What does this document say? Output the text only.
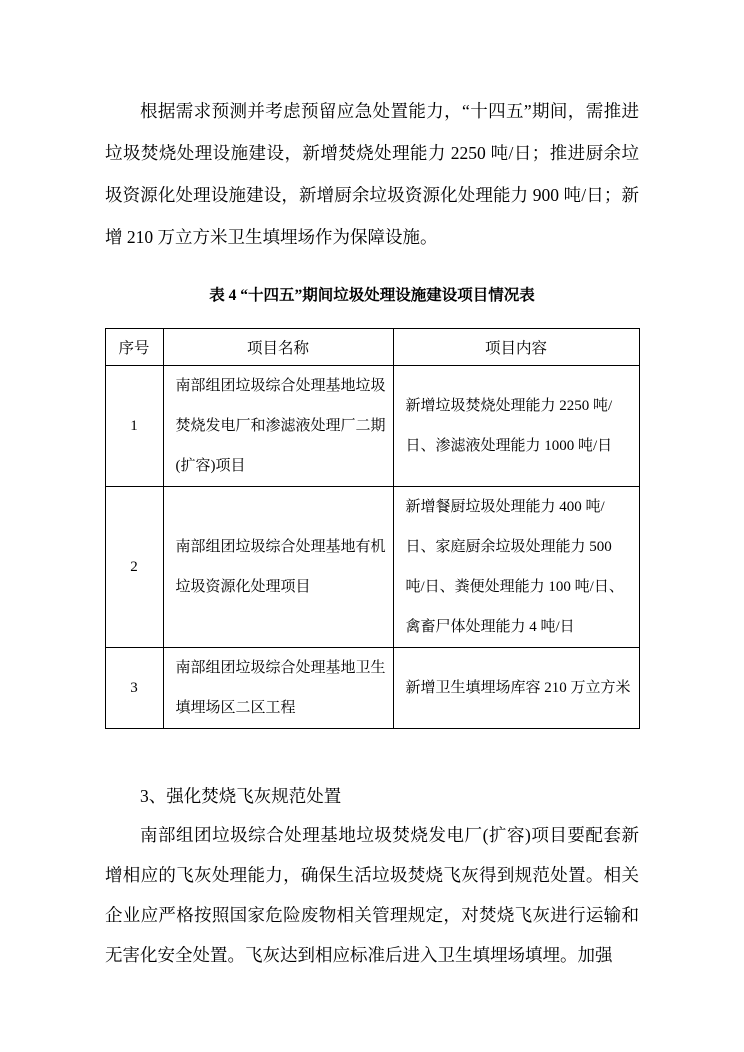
根据需求预测并考虑预留应急处置能力，“十四五”期间，需推进垃圾焚烧处理设施建设，新增焚烧处理能力 2250 吨/日；推进厨余垃圾资源化处理设施建设，新增厨余垃圾资源化处理能力 900 吨/日；新增 210 万立方米卫生填埋场作为保障设施。

表 4 “十四五”期间垃圾处理设施建设项目情况表
序号	项目名称	项目内容
1	南部组团垃圾综合处理基地垃圾焚烧发电厂和渗滤液处理厂二期(扩容)项目	新增垃圾焚烧处理能力 2250 吨/日、渗滤液处理能力 1000 吨/日
2	南部组团垃圾综合处理基地有机垃圾资源化处理项目	新增餐厨垃圾处理能力 400 吨/日、家庭厨余垃圾处理能力 500 吨/日、粪便处理能力 100 吨/日、禽畜尸体处理能力 4 吨/日
3	南部组团垃圾综合处理基地卫生填埋场区二区工程	新增卫生填埋场库容 210 万立方米
3、强化焚烧飞灰规范处置

南部组团垃圾综合处理基地垃圾焚烧发电厂(扩容)项目要配套新增相应的飞灰处理能力，确保生活垃圾焚烧飞灰得到规范处置。相关企业应严格按照国家危险废物相关管理规定，对焚烧飞灰进行运输和无害化安全处置。飞灰达到相应标准后进入卫生填埋场填埋。加强
